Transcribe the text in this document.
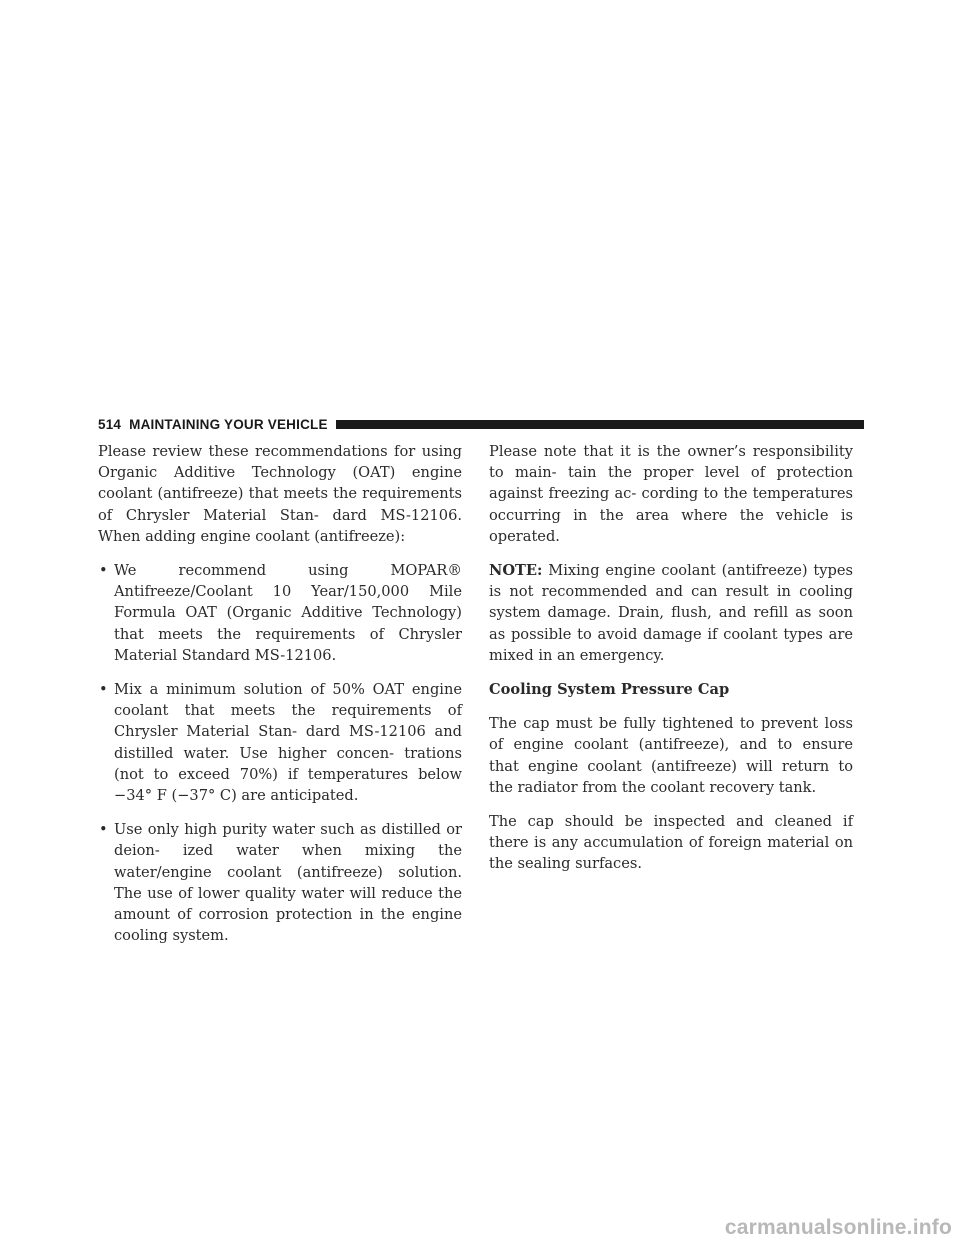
514 MAINTAINING YOUR VEHICLE

Please review these recommendations for using Organic Additive Technology (OAT) engine coolant (antifreeze) that meets the requirements of Chrysler Material Stan- dard MS-12106. When adding engine coolant (antifreeze):

• We recommend using MOPAR® Antifreeze/Coolant 10 Year/150,000 Mile Formula OAT (Organic Additive Technology) that meets the requirements of Chrysler Material Standard MS-12106.
• Mix a minimum solution of 50% OAT engine coolant that meets the requirements of Chrysler Material Stan- dard MS-12106 and distilled water. Use higher concen- trations (not to exceed 70%) if temperatures below −34° F (−37° C) are anticipated.
• Use only high purity water such as distilled or deion- ized water when mixing the water/engine coolant (antifreeze) solution. The use of lower quality water will reduce the amount of corrosion protection in the engine cooling system.

Please note that it is the owner’s responsibility to main- tain the proper level of protection against freezing ac- cording to the temperatures occurring in the area where the vehicle is operated.

NOTE: Mixing engine coolant (antifreeze) types is not recommended and can result in cooling system damage. Drain, flush, and refill as soon as possible to avoid damage if coolant types are mixed in an emergency.

Cooling System Pressure Cap

The cap must be fully tightened to prevent loss of engine coolant (antifreeze), and to ensure that engine coolant (antifreeze) will return to the radiator from the coolant recovery tank.

The cap should be inspected and cleaned if there is any accumulation of foreign material on the sealing surfaces.

carmanualsonline.info
